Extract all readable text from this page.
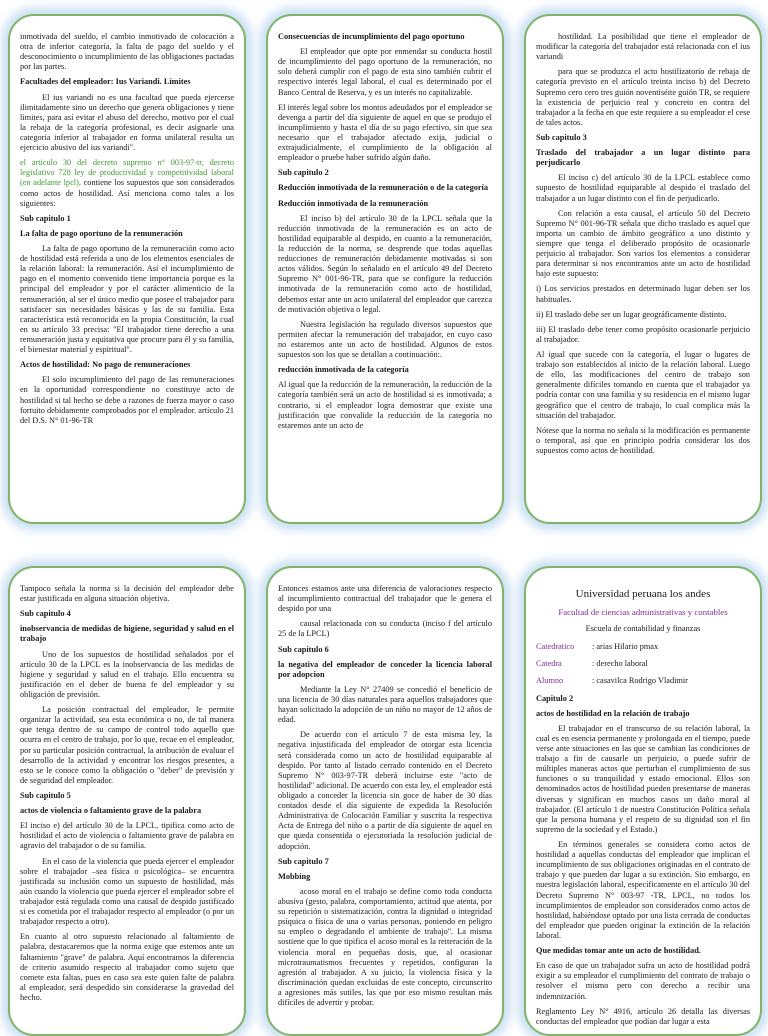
inmotivada del sueldo, el cambio inmotivado de colocación a otra de inferior categoría, la falta de pago del sueldo y el desconocimiento o incumplimiento de las obligaciones pactadas por las partes.

Facultades del empleador: Ius Variandi. Límites

El ius variandi no es una facultad que pueda ejercerse ilimitadamente sino un derecho que genera obligaciones y tiene límites, para así evitar el abuso del derecho, motivo por el cual la rebaja de la categoría profesional, es decir asignarle una categoría inferior al trabajador en forma unilateral resulta un ejercicio abusivo del ius variandi".

el articulo 30 del decreto supremo n° 003-97-tr, decreto legislativo 728 ley de productividad y competitividad laboral (en adelante lpcl), contiene los supuestos que son considerados como actos de hostilidad. Así menciona como tales a los siguientes:

Sub capitulo 1

La falta de pago oportuno de la remuneración

La falta de pago oportuno de la remuneración como acto de hostilidad está referida a uno de los elementos esenciales de la relación laboral: la remuneración. Así el incumplimiento de pago en el momento convenido tiene importancia porque es la principal del empleador y por el carácter alimenticio de la remuneración, al ser el único medio que posee el trabajador para satisfacer sus necesidades básicas y las de su familia. Esta característica está reconocida en la propia Constitución, la cual en su artículo 33 precisa: "El trabajador tiene derecho a una remuneración justa y equitativa que procure para él y su familia, el bienestar material y espiritual".

Actos de hostilidad: No pago de remuneraciones

El solo incumplimiento del pago de las remuneraciones en la oportunidad correspondiente no constituye acto de hostilidad si tal hecho se debe a razones de fuerza mayor o caso fortuito debidamente comprobados por el empleador. artículo 21 del D.S. N° 01-96-TR

Consecuencias de incumplimiento del pago oportuno

El empleador que opte por enmendar su conducta hostil de incumplimiento del pago oportuno de la remuneración, no solo deberá cumplir con el pago de esta sino también cubrir el respectivo interés legal laboral, el cual es determinado por el Banco Central de Reserva, y es un interés no capitalizable.

El interés legal sobre los montos adeudados por el empleador se devenga a partir del día siguiente de aquel en que se produjo el incumplimiento y hasta el día de su pago efectivo, sin que sea necesario que el trabajador afectado exija, judicial o extrajudicialmente, el cumplimiento de la obligación al empleador o pruebe haber sufrido algún daño.

Sub capitulo 2

Reducción inmotivada de la remuneración o de la categoría

Reducción inmotivada de la remuneración

El inciso b) del artículo 30 de la LPCL señala que la reducción inmotivada de la remuneración es un acto de hostilidad equiparable al despido, en cuanto a la remuneración, la reducción de la norma, se desprende que todas aquellas reducciones de remuneración debidamente motivadas si son actos válidos. Según lo señalado en el artículo 49 del Decreto Supremo N° 001-96-TR, para que se configure la reducción inmotivada de la remuneración como acto de hostilidad, debemos estar ante un acto unilateral del empleador que carezca de motivación objetiva o legal.

Nuestra legislación ha regulado diversos supuestos que permiten afectar la remuneración del trabajador, en cuyo caso no estaremos ante un acto de hostilidad. Algunos de estos supuestos son los que se detallan a continuación:.

reducción inmotivada de la categoría

Al igual que la reducción de la remuneración, la reducción de la categoría también será un acto de hostilidad si es inmotivada; a contrario, si el empleador logra demostrar que existe una justificación que convalide la reducción de la categoría no estaremos ante un acto de

hostilidad. La posibilidad que tiene el empleador de modificar la categoría del trabajador está relacionada con el ius variandi

para que se produzca el acto hostilizatorio de rebaja de categoría previsto en el artículo treinta inciso b) del Decreto Supremo cero cero tres guión noventiséite guión TR, se requiere la existencia de perjuicio real y concreto en contra del trabajador a la fecha en que este requiere a su empleador el cese de tales actos.

Sub capitulo 3

Traslado del trabajador a un lugar distinto para perjudicarlo

El inciso c) del artículo 30 de la LPCL establece como supuesto de hostilidad equiparable al despido el traslado del trabajador a un lugar distinto con el fin de perjudicarlo.

Con relación a esta causal, el artículo 50 del Decreto Supremo N° 001-96-TR señala que dicho traslado es aquel que importa un cambio de ámbito geográfico a uno distinto y siempre que tenga el deliberado propósito de ocasionarle perjuicio al trabajador. Son varios los elementos a considerar para determinar si nos encontramos ante un acto de hostilidad bajo este supuesto:

i) Los servicios prestados en determinado lugar deben ser los habituales.

ii) El traslado debe ser un lugar geográficamente distinto.

iii) El traslado debe tener como propósito ocasionarle perjuicio al trabajador.

Al igual que sucede con la categoría, el lugar o lugares de trabajo son establecidos al inicio de la relación laboral. Luego de ello, las modificaciones del centro de trabajo son generalmente difíciles tomando en cuenta que el trabajador ya podría contar con una familia y su residencia en el mismo lugar geográfico que el centro de trabajo, lo cual complica más la situación del trabajador.

Nótese que la norma no señala si la modificación es permanente o temporal, así que en principio podría considerar los dos supuestos como actos de hostilidad.

Tampoco señala la norma si la decisión del empleador debe estar justificada en alguna situación objetiva.

Sub capitulo 4

inobservancia de medidas de higiene, seguridad y salud en el trabajo

Uno de los supuestos de hostilidad señalados por el artículo 30 de la LPCL es la inobservancia de las medidas de higiene y seguridad y salud en el trabajo. Ello encuentra su justificación en el deber de buena fe del empleador y su obligación de previsión.

La posición contractual del empleador, le permite organizar la actividad, sea esta económica o no, de tal manera que tenga dentro de su campo de control todo aquello que ocurra en el centro de trabajo, por lo que, recae en el empleador, por su particular posición contractual, la atribución de evaluar el desarrollo de la actividad y encontrar los riesgos presentes, a esto se le conoce como la obligación o "deber" de previsión y de seguridad del empleador.

Sub capitulo 5

actos de violencia o faltamiento grave de la palabra

El inciso e) del artículo 30 de la LPCL, tipifica como acto de hostilidad el acto de violencia o faltamiento grave de palabra en agravio del trabajador o de su familia.

En el caso de la violencia que pueda ejercer el empleador sobre el trabajador –sea física o psicológica– se encuentra justificada su inclusión como un supuesto de hostilidad, más aún cuando la violencia que pueda ejercer el empleador sobre el trabajador está regulada como una causal de despido justificado si es cometida por el trabajador respecto al empleador (o por un trabajador respecto a otro).

En cuanto al otro supuesto relacionado al faltamiento de palabra, destacaremos que la norma exige que estemos ante un faltamiento "grave" de palabra. Aquí encontramos la diferencia de criterio asumido respecto al trabajador como sujeto que comete esta faltas, pues en caso sea este quien falte de palabra al empleador, será despedido sin considerarse la gravedad del hecho.

Entonces estamos ante una diferencia de valoraciones respecto al incumplimiento contractual del trabajador que le genera el despido por una

causal relacionada con su conducta (inciso f del artículo 25 de la LPCL)

Sub capitulo 6

la negativa del empleador de conceder la licencia laboral por adopcion

Mediante la Ley N° 27409 se concedió el beneficio de una licencia de 30 días naturales para aquellos trabajadores que hayan solicitado la adopción de un niño no mayor de 12 años de edad.

De acuerdo con el artículo 7 de esta misma ley, la negativa injustificada del empleador de otorgar esta licencia será considerada como un acto de hostilidad equiparable al despido. Por tanto al listado cerrado contenido en el Decreto Supremo N° 003-97-TR deberá incluirse este "acto de hostilidad" adicional. De acuerdo con esta ley, el empleador está obligado a conceder la licencia sin goce de haber de 30 días contados desde el día siguiente de expedida la Resolución Administrativa de Colocación Familiar y suscrita la respectiva Acta de Entrega del niño o a partir de día siguiente de aquel en que queda consentida o ejecutoriada la resolución judicial de adopción.

Sub capitulo 7

Mobbing

acoso moral en el trabajo se define como toda conducta abusiva (gesto, palabra, comportamiento, actitud que atenta, por su repetición o sistematización, contra la dignidad o integridad psíquica o física de una o varias personas, poniendo en peligro su empleo o degradando el ambiente de trabajo". La misma sostiene que lo que tipifica el acoso moral es la reiteración de la violencia moral en pequeñas dosis, que, al ocasionar microtraumatismos frecuentes y repetidos, configuran la agresión al trabajador. A su juicio, la violencia física y la discriminación quedan excluidas de este concepto, circunscrito a agresiones más sutiles, las que por eso mismo resultan más difíciles de advertir y probar.

Universidad peruana los andes
Facultad de ciencias administrativas y contables
Escuela de contabilidad y finanzas
Catedratico	: arias Hilario pmax
Catedra	: derecho laboral
Alumno	: casavilca Rodrigo Vladimir

Capitulo 2

actos de hostilidad en la relación de trabajo

El trabajador en el transcurso de su relación laboral, la cual es en esencia permanente y prolongada en el tiempo, puede verse ante situaciones en las que se cambian las condiciones de trabajo a fin de causarle un perjuicio, o puede sufrir de múltiples maneras actos que perturban el cumplimiento de sus funciones o su tranquilidad y estado emocional. Ellos son denominados actos de hostilidad pueden presentarse de maneras diversas y significan en muchos casos un daño moral al trabajador. (El artículo 1 de nuestra Constitución Política señala que la persona humana y el respeto de su dignidad son el fin supremo de la sociedad y el Estado.)

En términos generales se considera como actos de hostilidad a aquellas conductas del empleador que implican el incumplimiento de sus obligaciones originadas en el contrato de trabajo y que pueden dar lugar a su extinción. Sin embargo, en nuestra legislación laboral, específicamente en el artículo 30 del Decreto Supremo N° 003-97 -TR, LPCL, no todos los incumplimientos de empleador son considerados como actos de hostilidad, habiéndose optado por una lista cerrada de conductas del empleador que pueden originar la extinción de la relación laboral.

Que medidas tomar ante un acto de hostilidad.

En caso de que un trabajador sufra un acto de hostilidad podrá exigir a su empleador el cumplimiento del contrato de trabajo o resolver el mismo pero con derecho a recibir una indemnización.

Reglamento Ley N° 4916, artículo 26 detalla las diversas conductas del empleador que podían dar lugar a esta
